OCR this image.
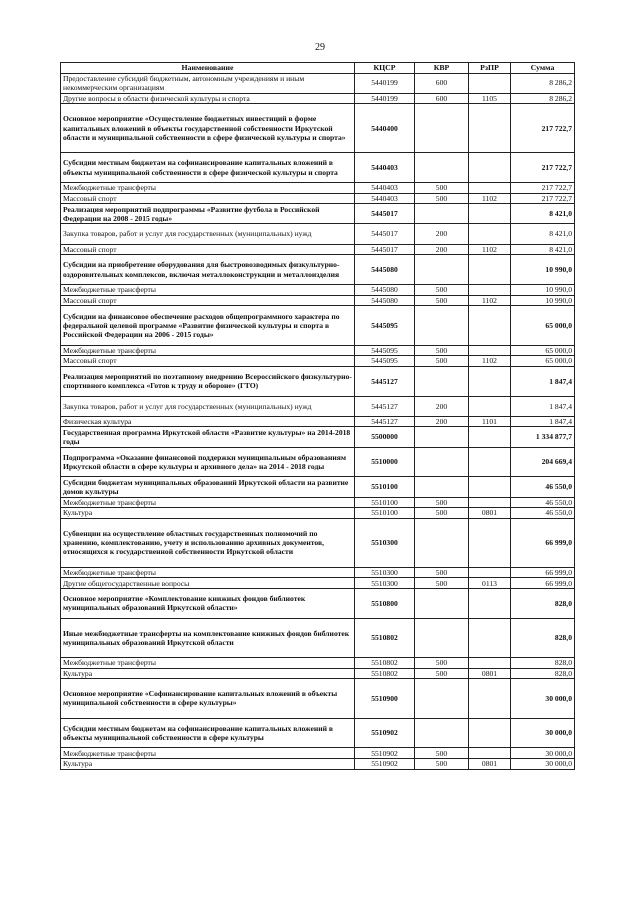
29
Наименование	КЦСР	КВР	РзПР	Сумма
Предоставление субсидий бюджетным, автономным учреждениям и иным некоммерческим организациям	5440199	600		8 286,2
Другие вопросы в области физической культуры и спорта	5440199	600	1105	8 286,2
Основное мероприятие «Осуществление бюджетных инвестиций в форме капитальных вложений в объекты государственной собственности Иркутской области и муниципальной собственности в сфере физической культуры и спорта»	5440400			217 722,7
Субсидии местным бюджетам на софинансирование капитальных вложений в объекты муниципальной собственности в сфере физической культуры и спорта	5440403			217 722,7
Межбюджетные трансферты	5440403	500		217 722,7
Массовый спорт	5440403	500	1102	217 722,7
Реализация мероприятий подпрограммы «Развитие футбола в Российской Федерации на 2008 - 2015 годы»	5445017			8 421,0
Закупка товаров, работ и услуг для государственных (муниципальных) нужд	5445017	200		8 421,0
Массовый спорт	5445017	200	1102	8 421,0
Субсидии на приобретение оборудования для быстровозводимых физкультурно-оздоровительных комплексов, включая металлоконструкции и металлоизделия	5445080			10 990,0
Межбюджетные трансферты	5445080	500		10 990,0
Массовый спорт	5445080	500	1102	10 990,0
Субсидии на финансовое обеспечение расходов общепрограммного характера по федеральной целевой программе «Развитие физической культуры и спорта в Российской Федерации на 2006 - 2015 годы»	5445095			65 000,0
Межбюджетные трансферты	5445095	500		65 000,0
Массовый спорт	5445095	500	1102	65 000,0
Реализация мероприятий по поэтапному внедрению Всероссийского физкультурно-спортивного комплекса «Готов к труду и обороне» (ГТО)	5445127			1 847,4
Закупка товаров, работ и услуг для государственных (муниципальных) нужд	5445127	200		1 847,4
Физическая культура	5445127	200	1101	1 847,4
Государственная программа Иркутской области «Развитие культуры» на 2014-2018 годы	5500000			1 334 877,7
Подпрограмма «Оказание финансовой поддержки муниципальным образованиям Иркутской области в сфере культуры и архивного дела» на 2014 - 2018 годы	5510000			204 669,4
Субсидии бюджетам муниципальных образований Иркутской области на развитие домов культуры	5510100			46 550,0
Межбюджетные трансферты	5510100	500		46 550,0
Культура	5510100	500	0801	46 550,0
Субвенции на осуществление областных государственных полномочий по хранению, комплектованию, учету и использованию архивных документов, относящихся к государственной собственности Иркутской области	5510300			66 999,0
Межбюджетные трансферты	5510300	500		66 999,0
Другие общегосударственные вопросы	5510300	500	0113	66 999,0
Основное мероприятие «Комплектование книжных фондов библиотек муниципальных образований Иркутской области»	5510800			828,0
Иные межбюджетные трансферты на комплектование книжных фондов библиотек муниципальных образований Иркутской области	5510802			828,0
Межбюджетные трансферты	5510802	500		828,0
Культура	5510802	500	0801	828,0
Основное мероприятие «Софинансирование капитальных вложений в объекты муниципальной собственности в сфере культуры»	5510900			30 000,0
Субсидии местным бюджетам на софинансирование капитальных вложений в объекты муниципальной собственности в сфере культуры	5510902			30 000,0
Межбюджетные трансферты	5510902	500		30 000,0
Культура	5510902	500	0801	30 000,0
